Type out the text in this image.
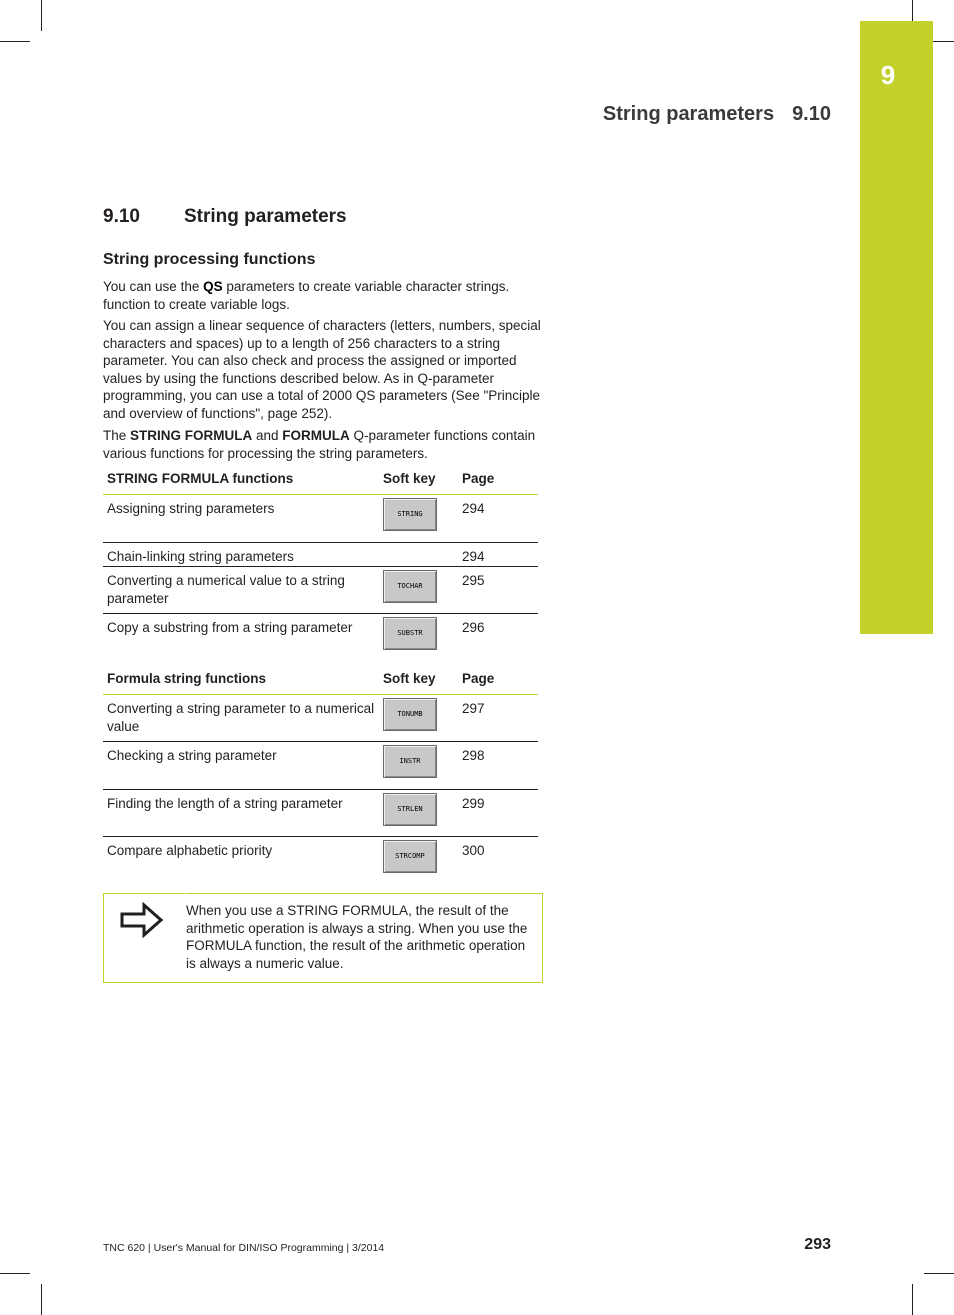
9
String parameters 9.10
9.10 String parameters
String processing functions
You can use the QS parameters to create variable character strings. function to create variable logs.
You can assign a linear sequence of characters (letters, numbers, special characters and spaces) up to a length of 256 characters to a string parameter. You can also check and process the assigned or imported values by using the functions described below. As in Q-parameter programming, you can use a total of 2000 QS parameters (See "Principle and overview of functions", page 252).
The STRING FORMULA and FORMULA Q-parameter functions contain various functions for processing the string parameters.
STRING FORMULA functions	Soft key	Page
Assigning string parameters	STRING	294
Chain-linking string parameters		294
Converting a numerical value to a string parameter	TOCHAR	295
Copy a substring from a string parameter	SUBSTR	296
Formula string functions	Soft key	Page
Converting a string parameter to a numerical value	TONUMB	297
Checking a string parameter	INSTR	298
Finding the length of a string parameter	STRLEN	299
Compare alphabetic priority	STRCOMP	300
When you use a STRING FORMULA, the result of the arithmetic operation is always a string. When you use the FORMULA function, the result of the arithmetic operation is always a numeric value.
TNC 620 | User's Manual for DIN/ISO Programming | 3/2014	293
